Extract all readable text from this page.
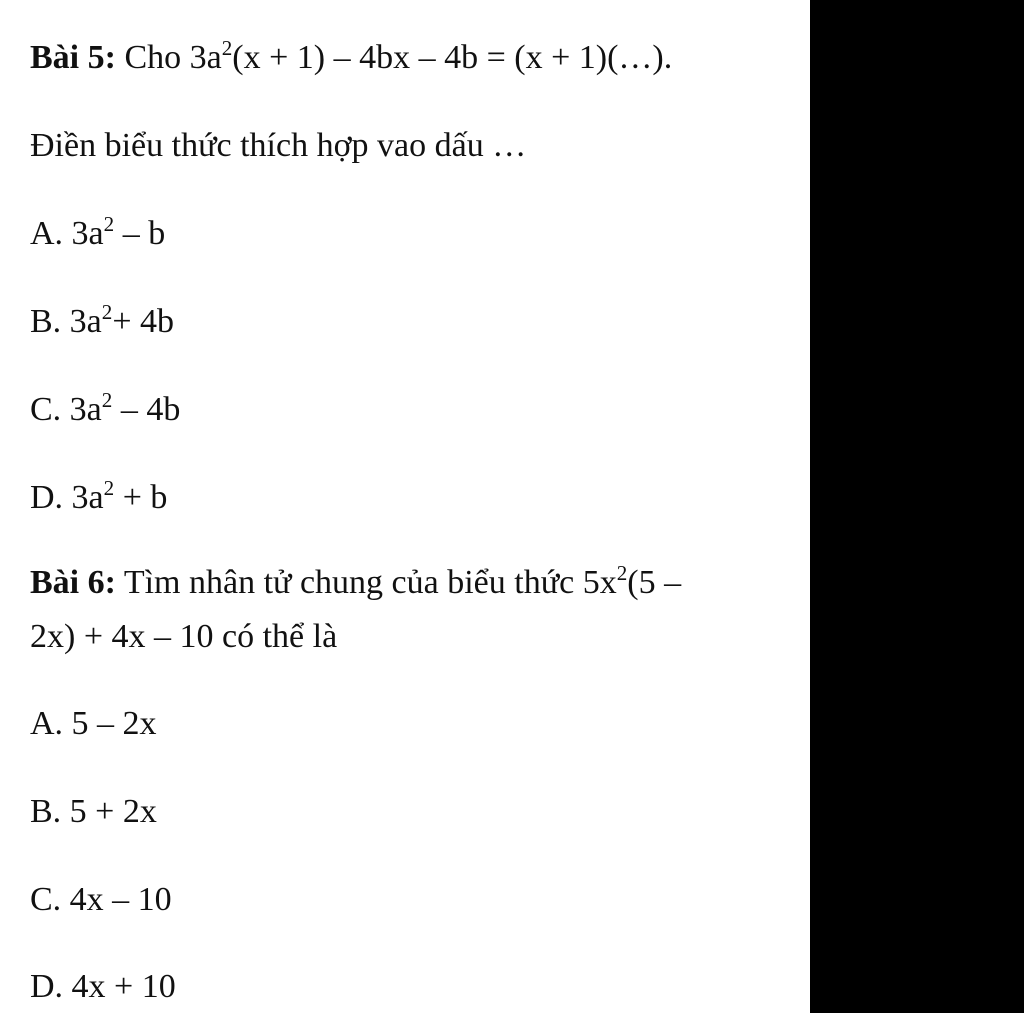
Bài 5: Cho $3a^2(x + 1) - 4bx - 4b = (x$ + 1)(…).
Điền biểu thức thích hợp vao dấu …
A. $3a^2$ – b
B. $3a^2+ 4b$
C. $3a^2 - 4b$
D. $3a^2 + b$
Bài 6: Tìm nhân tử chung của biểu thức $5x^2(5$ –
2x) + 4x – 10 có thể là
A. 5 – 2x
B. 5 + 2x
C. 4x – 10
D. 4x + 10
